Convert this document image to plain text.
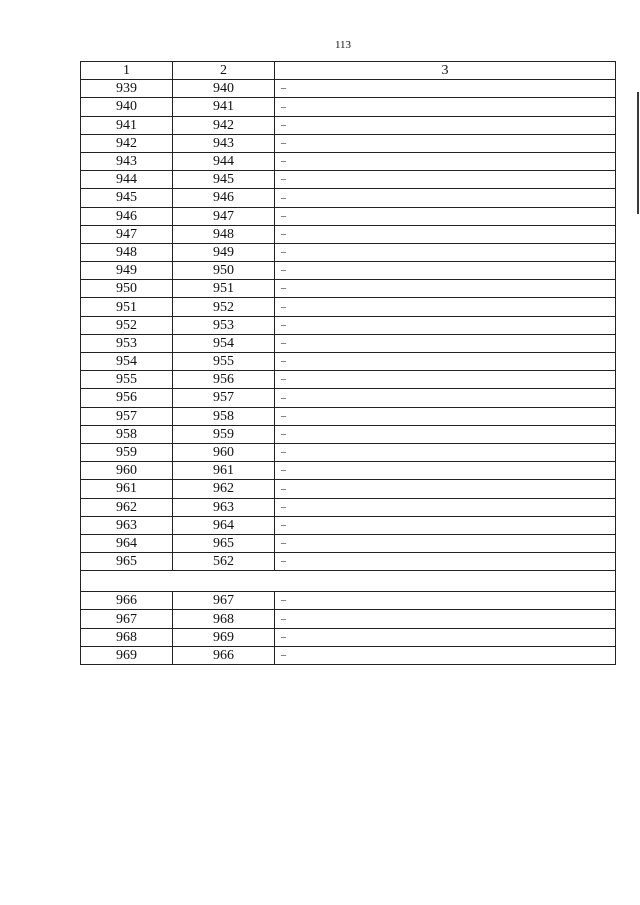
113
1	2	3
939	940	–
940	941	–
941	942	–
942	943	–
943	944	–
944	945	–
945	946	–
946	947	–
947	948	–
948	949	–
949	950	–
950	951	–
951	952	–
952	953	–
953	954	–
954	955	–
955	956	–
956	957	–
957	958	–
958	959	–
959	960	–
960	961	–
961	962	–
962	963	–
963	964	–
964	965	–
965	562	–

966	967	–
967	968	–
968	969	–
969	966	–
